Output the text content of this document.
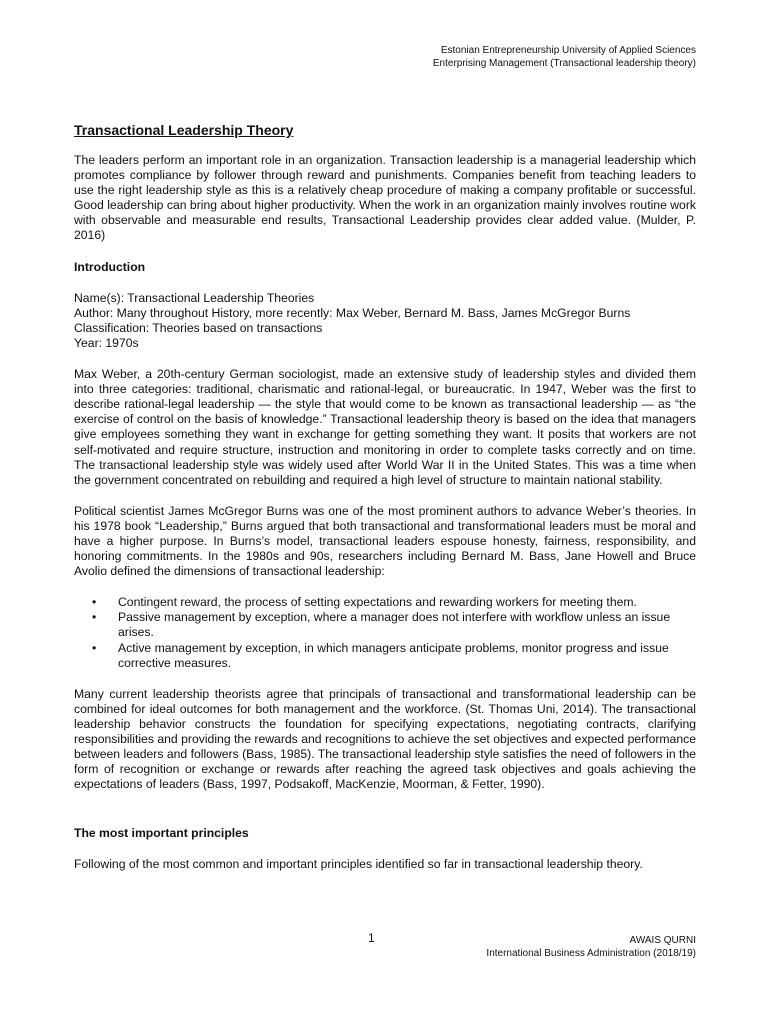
Estonian Entrepreneurship University of Applied Sciences
Enterprising Management (Transactional leadership theory)
Transactional Leadership Theory

The leaders perform an important role in an organization. Transaction leadership is a managerial leadership which promotes compliance by follower through reward and punishments. Companies benefit from teaching leaders to use the right leadership style as this is a relatively cheap procedure of making a company profitable or successful. Good leadership can bring about higher productivity. When the work in an organization mainly involves routine work with observable and measurable end results, Transactional Leadership provides clear added value. (Mulder, P. 2016)

Introduction
Name(s): Transactional Leadership Theories
Author: Many throughout History, more recently: Max Weber, Bernard M. Bass, James McGregor Burns
Classification: Theories based on transactions
Year: 1970s

Max Weber, a 20th-century German sociologist, made an extensive study of leadership styles and divided them into three categories: traditional, charismatic and rational-legal, or bureaucratic. In 1947, Weber was the first to describe rational-legal leadership — the style that would come to be known as transactional leadership — as “the exercise of control on the basis of knowledge.” Transactional leadership theory is based on the idea that managers give employees something they want in exchange for getting something they want. It posits that workers are not self-motivated and require structure, instruction and monitoring in order to complete tasks correctly and on time. The transactional leadership style was widely used after World War II in the United States. This was a time when the government concentrated on rebuilding and required a high level of structure to maintain national stability.

Political scientist James McGregor Burns was one of the most prominent authors to advance Weber’s theories. In his 1978 book “Leadership,” Burns argued that both transactional and transformational leaders must be moral and have a higher purpose. In Burns’s model, transactional leaders espouse honesty, fairness, responsibility, and honoring commitments. In the 1980s and 90s, researchers including Bernard M. Bass, Jane Howell and Bruce Avolio defined the dimensions of transactional leadership:

• Contingent reward, the process of setting expectations and rewarding workers for meeting them.
• Passive management by exception, where a manager does not interfere with workflow unless an issue arises.
• Active management by exception, in which managers anticipate problems, monitor progress and issue corrective measures.

Many current leadership theorists agree that principals of transactional and transformational leadership can be combined for ideal outcomes for both management and the workforce. (St. Thomas Uni, 2014). The transactional leadership behavior constructs the foundation for specifying expectations, negotiating contracts, clarifying responsibilities and providing the rewards and recognitions to achieve the set objectives and expected performance between leaders and followers (Bass, 1985). The transactional leadership style satisfies the need of followers in the form of recognition or exchange or rewards after reaching the agreed task objectives and goals achieving the expectations of leaders (Bass, 1997, Podsakoff, MacKenzie, Moorman, & Fetter, 1990).

The most important principles

Following of the most common and important principles identified so far in transactional leadership theory.

1	AWAIS QURNI
International Business Administration (2018/19)
